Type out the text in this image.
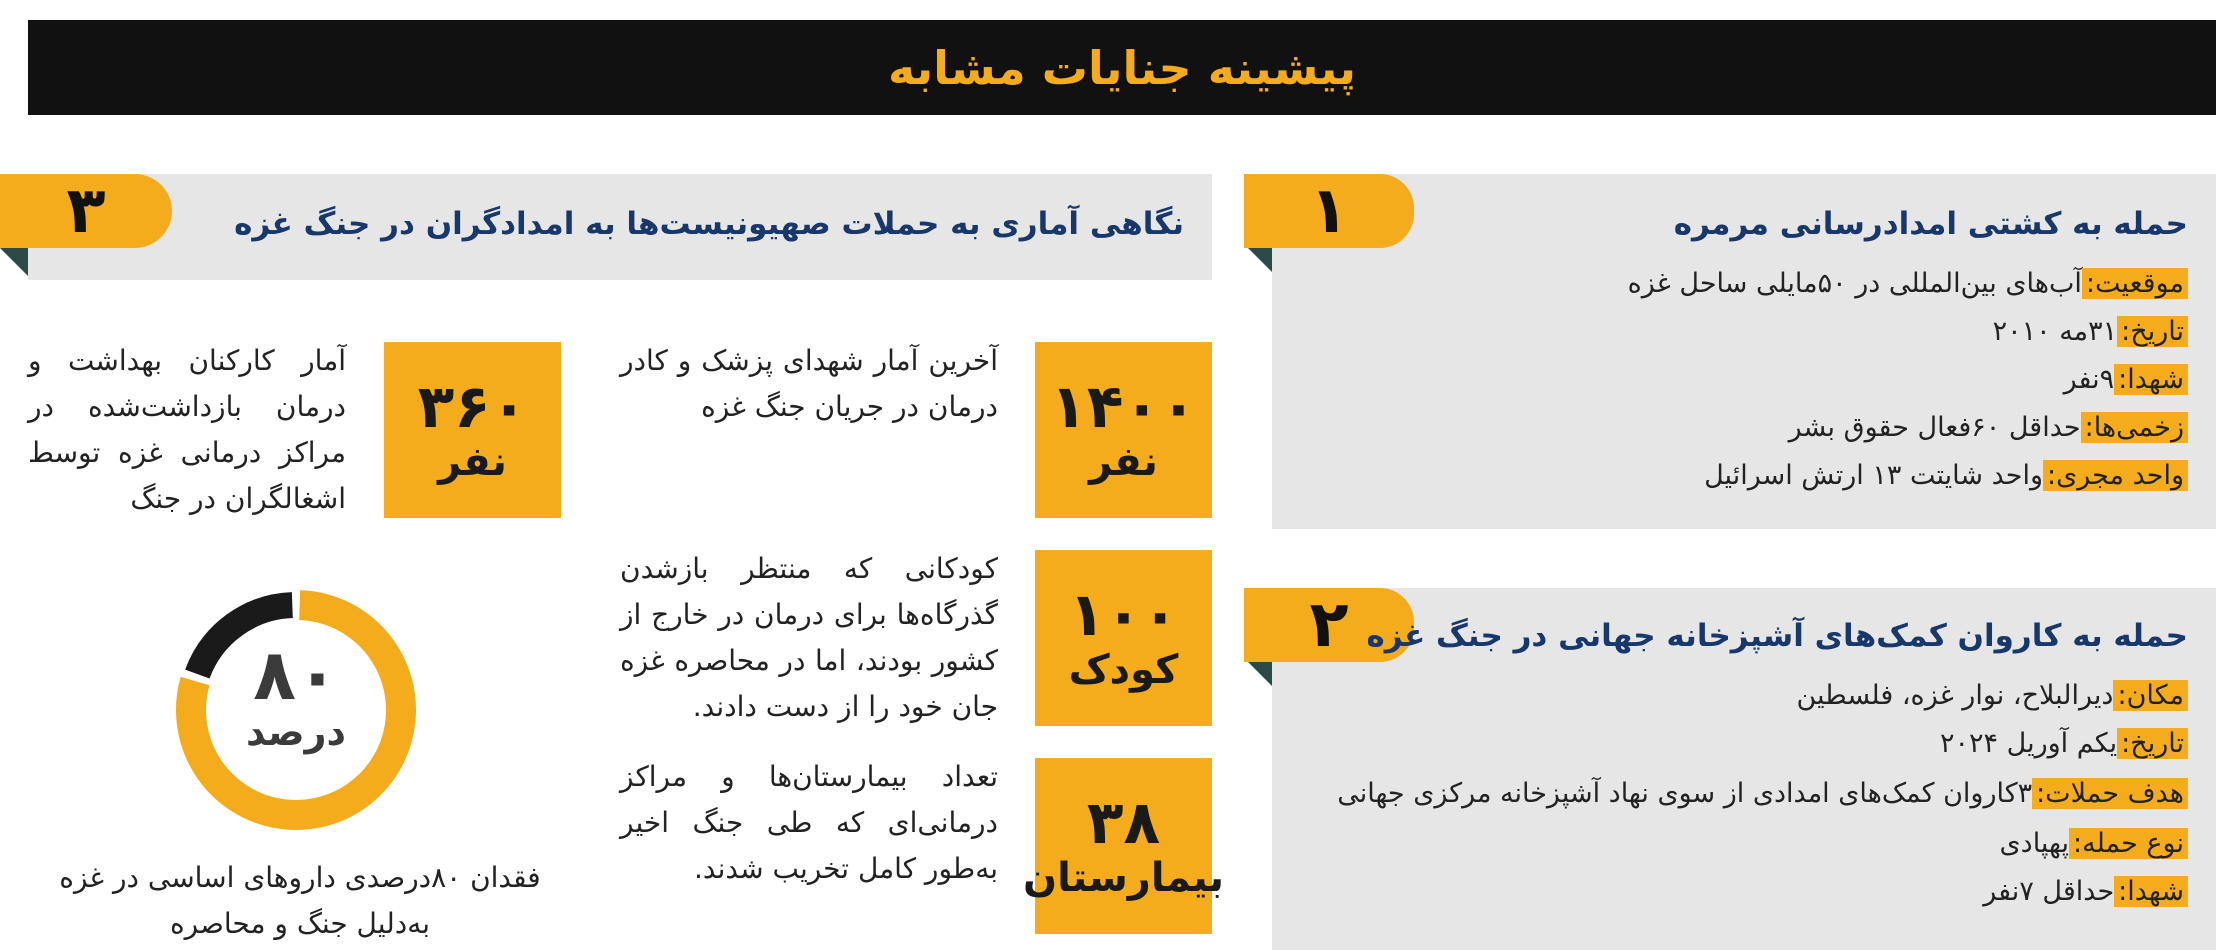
پیشینه جنایات مشابه
۱	حمله به کشتی امدادرسانی مرمره
موقعیت:آب‌های بین‌المللی در ۵۰مایلی ساحل غزه
تاریخ:۳۱مه ۲۰۱۰
شهدا:۹نفر
زخمی‌ها:حداقل ۶۰فعال حقوق بشر
واحد مجری:واحد شایتت ۱۳ ارتش اسرائیل
۲ حمله به کاروان کمک‌های آشپزخانه جهانی در جنگ غزه
مکان:دیرالبلاح، نوار غزه، فلسطین
تاریخ:یکم آوریل ۲۰۲۴
هدف حملات:۳کاروان کمک‌های امدادی از سوی نهاد آشپزخانه مرکزی جهانی
نوع حمله:پهپادی
شهدا:حداقل ۷نفر
۳	نگاهی آماری به حملات صهیونیست‌ها به امدادگران در جنگ غزه
۱۴۰۰
نفر
آخرین آمار شهدای پزشک و کادر درمان در جریان جنگ غزه
۱۰۰
کودک
کودکانی که منتظر بازشدن گذرگاه‌ها برای درمان در خارج از کشور بودند، اما در محاصره غزه جان خود را از دست دادند.
۳۸
بیمارستان
تعداد بیمارستان‌ها و مراکز درمانی‌ای که طی جنگ اخیر به‌طور کامل تخریب شدند.
۳۶۰
نفر
آمار کارکنان بهداشت و درمان بازداشت‌شده در مراکز درمانی غزه توسط اشغالگران در جنگ
۸۰
درصد
فقدان ۸۰درصدی داروهای اساسی در غزه به‌دلیل جنگ و محاصره
